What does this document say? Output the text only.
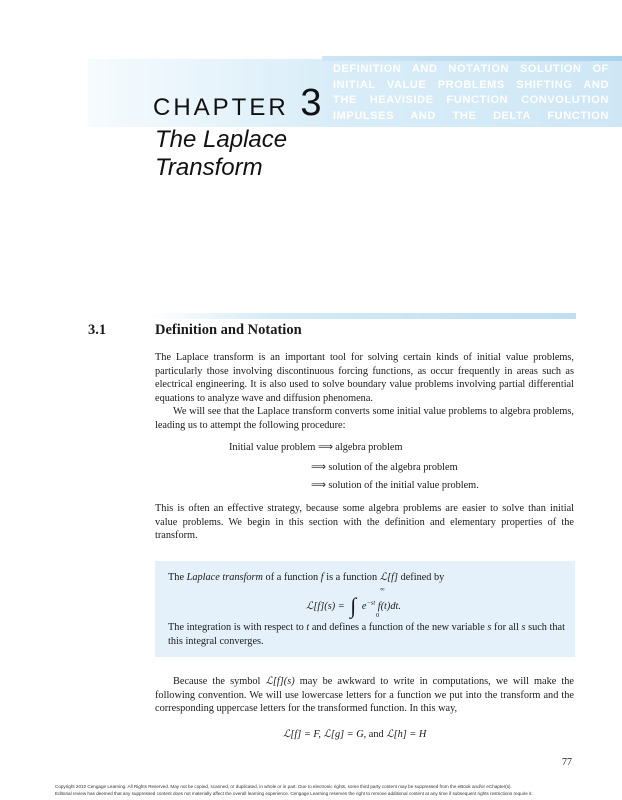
DEFINITION AND NOTATION SOLUTION OF
INITIAL VALUE PROBLEMS SHIFTING AND
THE HEAVISIDE FUNCTION CONVOLUTION
IMPULSES AND THE DELTA FUNCTION
CHAPTER 3
The Laplace
Transform
3.1	Definition and Notation

The Laplace transform is an important tool for solving certain kinds of initial value problems, particularly those involving discontinuous forcing functions, as occur frequently in areas such as electrical engineering. It is also used to solve boundary value problems involving partial differential equations to analyze wave and diffusion phenomena.

We will see that the Laplace transform converts some initial value problems to algebra problems, leading us to attempt the following procedure:

Initial value problem ⟹ algebra problem
⟹ solution of the algebra problem
⟹ solution of the initial value problem.

This is often an effective strategy, because some algebra problems are easier to solve than initial value problems. We begin in this section with the definition and elementary properties of the transform.

The Laplace transform of a function f is a function ℒ[f] defined by
ℒ[f](s) = ∫
∞
0
$e^{-st}$ f(t)dt.
The integration is with respect to t and defines a function of the new variable s for all s such that this integral converges.

Because the symbol ℒ[f](s) may be awkward to write in computations, we will make the following convention. We will use lowercase letters for a function we put into the transform and the corresponding uppercase letters for the transformed function. In this way,

ℒ[f] = F, ℒ[g] = G, and ℒ[h] = H
77
Copyright 2010 Cengage Learning. All Rights Reserved. May not be copied, scanned, or duplicated, in whole or in part. Due to electronic rights, some third party content may be suppressed from the eBook and/or eChapter(s).
Editorial review has deemed that any suppressed content does not materially affect the overall learning experience. Cengage Learning reserves the right to remove additional content at any time if subsequent rights restrictions require it.
